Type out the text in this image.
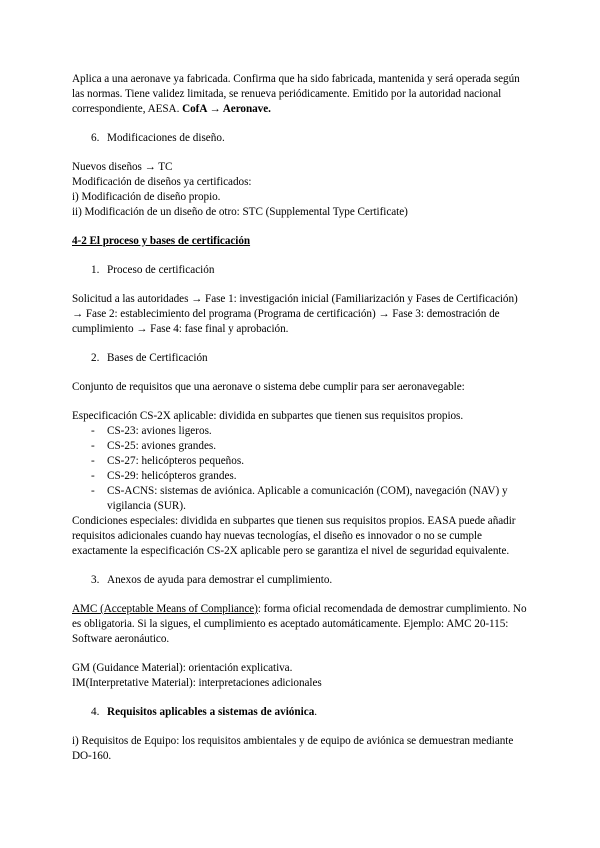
Aplica a una aeronave ya fabricada. Confirma que ha sido fabricada, mantenida y será operada según
las normas. Tiene validez limitada, se renueva periódicamente. Emitido por la autoridad nacional
correspondiente, AESA. CofA → Aeronave.
6. Modificaciones de diseño.
Nuevos diseños → TC
Modificación de diseños ya certificados:
i) Modificación de diseño propio.
ii) Modificación de un diseño de otro: STC (Supplemental Type Certificate)
4-2 El proceso y bases de certificación
1. Proceso de certificación
Solicitud a las autoridades → Fase 1: investigación inicial (Familiarización y Fases de Certificación)
→ Fase 2: establecimiento del programa (Programa de certificación) → Fase 3: demostración de
cumplimiento → Fase 4: fase final y aprobación.
2. Bases de Certificación
Conjunto de requisitos que una aeronave o sistema debe cumplir para ser aeronavegable:
Especificación CS-2X aplicable: dividida en subpartes que tienen sus requisitos propios.
- CS-23: aviones ligeros.
- CS-25: aviones grandes.
- CS-27: helicópteros pequeños.
- CS-29: helicópteros grandes.
- CS-ACNS: sistemas de aviónica. Aplicable a comunicación (COM), navegación (NAV) y
vigilancia (SUR).
Condiciones especiales: dividida en subpartes que tienen sus requisitos propios. EASA puede añadir
requisitos adicionales cuando hay nuevas tecnologías, el diseño es innovador o no se cumple
exactamente la especificación CS-2X aplicable pero se garantiza el nivel de seguridad equivalente.
3. Anexos de ayuda para demostrar el cumplimiento.
AMC (Acceptable Means of Compliance): forma oficial recomendada de demostrar cumplimiento. No
es obligatoria. Si la sigues, el cumplimiento es aceptado automáticamente. Ejemplo: AMC 20-115:
Software aeronáutico.
GM (Guidance Material): orientación explicativa.
IM(Interpretative Material): interpretaciones adicionales
4. Requisitos aplicables a sistemas de aviónica.
i) Requisitos de Equipo: los requisitos ambientales y de equipo de aviónica se demuestran mediante
DO-160.
